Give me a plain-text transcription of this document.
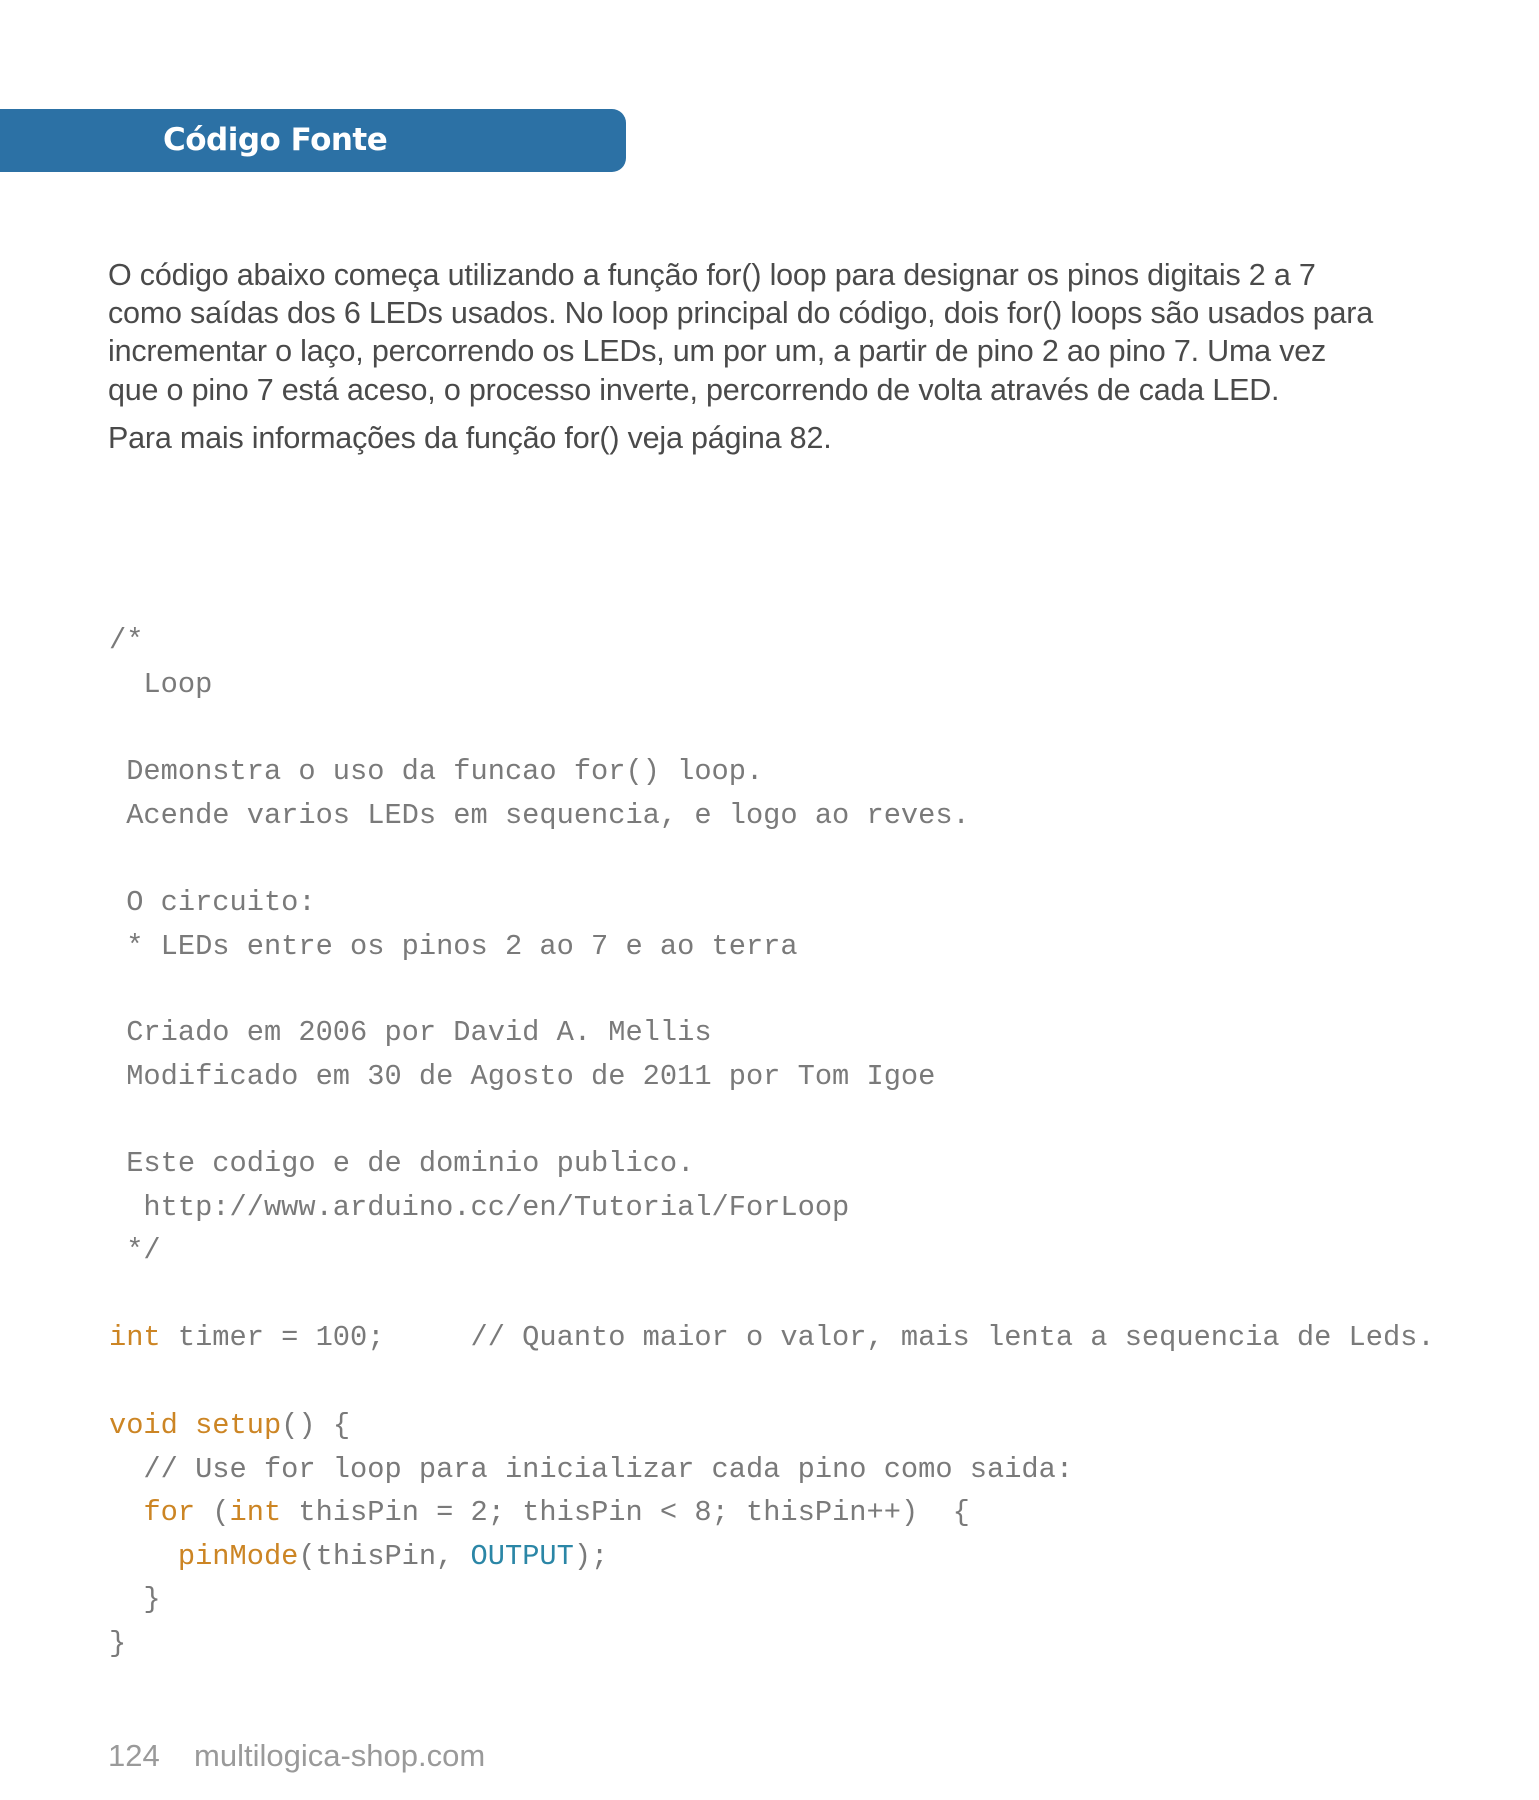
Código Fonte
O código abaixo começa utilizando a função for() loop para designar os pinos digitais 2 a 7
como saídas dos 6 LEDs usados. No loop principal do código, dois for() loops são usados para
incrementar o laço, percorrendo os LEDs, um por um, a partir de pino 2 ao pino 7. Uma vez
que o pino 7 está aceso, o processo inverte, percorrendo de volta através de cada LED.
Para mais informações da função for() veja página 82.
/*
Loop
Demonstra o uso da funcao for() loop.
Acende varios LEDs em sequencia, e logo ao reves.
O circuito:
* LEDs entre os pinos 2 ao 7 e ao terra
Criado em 2006 por David A. Mellis
Modificado em 30 de Agosto de 2011 por Tom Igoe
Este codigo e de dominio publico.
http://www.arduino.cc/en/Tutorial/ForLoop
*/
int timer = 100;     // Quanto maior o valor, mais lenta a sequencia de Leds.
void setup() {
// Use for loop para inicializar cada pino como saida:
for (int thisPin = 2; thisPin < 8; thisPin++)  {
pinMode(thisPin, OUTPUT);
}
}
124 multilogica-shop.com
